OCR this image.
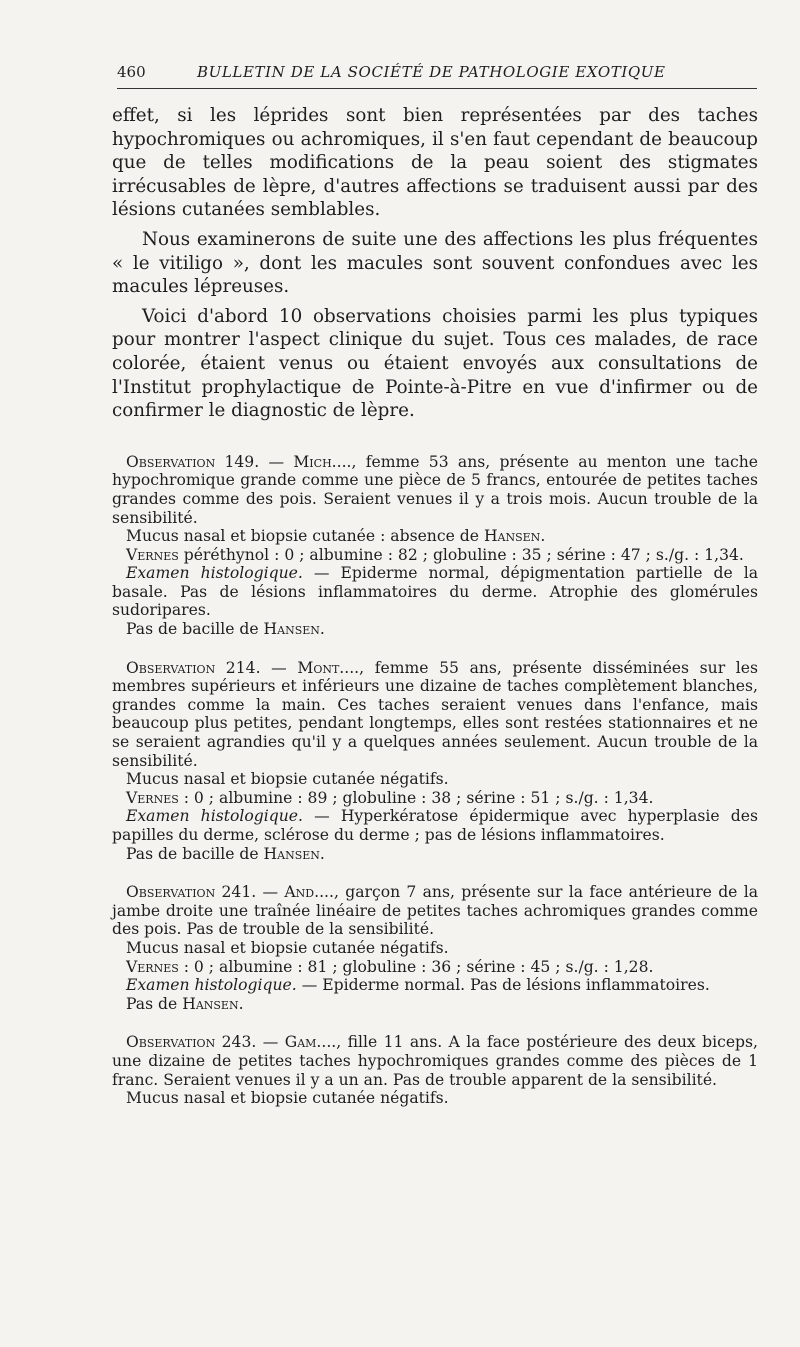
460	BULLETIN DE LA SOCIÉTÉ DE PATHOLOGIE EXOTIQUE

effet, si les léprides sont bien représentées par des taches hypochromiques ou achromiques, il s'en faut cependant de beaucoup que de telles modifications de la peau soient des stigmates irrécusables de lèpre, d'autres affections se traduisent aussi par des lésions cutanées semblables.

Nous examinerons de suite une des affections les plus fréquentes « le vitiligo », dont les macules sont souvent confondues avec les macules lépreuses.

Voici d'abord 10 observations choisies parmi les plus typiques pour montrer l'aspect clinique du sujet. Tous ces malades, de race colorée, étaient venus ou étaient envoyés aux consultations de l'Institut prophylactique de Pointe-à-Pitre en vue d'infirmer ou de confirmer le diagnostic de lèpre.

Observation 149. — Mich...., femme 53 ans, présente au menton une tache hypochromique grande comme une pièce de 5 francs, entourée de petites taches grandes comme des pois. Seraient venues il y a trois mois. Aucun trouble de la sensibilité.

Mucus nasal et biopsie cutanée : absence de Hansen.

Vernes péréthynol : 0 ; albumine : 82 ; globuline : 35 ; sérine : 47 ; s./g. : 1,34.

Examen histologique. — Epiderme normal, dépigmentation partielle de la basale. Pas de lésions inflammatoires du derme. Atrophie des glomérules sudoripares.

Pas de bacille de Hansen.

Observation 214. — Mont...., femme 55 ans, présente disséminées sur les membres supérieurs et inférieurs une dizaine de taches complètement blanches, grandes comme la main. Ces taches seraient venues dans l'enfance, mais beaucoup plus petites, pendant longtemps, elles sont restées stationnaires et ne se seraient agrandies qu'il y a quelques années seulement. Aucun trouble de la sensibilité.

Mucus nasal et biopsie cutanée négatifs.

Vernes : 0 ; albumine : 89 ; globuline : 38 ; sérine : 51 ; s./g. : 1,34.

Examen histologique. — Hyperkératose épidermique avec hyperplasie des papilles du derme, sclérose du derme ; pas de lésions inflammatoires.

Pas de bacille de Hansen.

Observation 241. — And...., garçon 7 ans, présente sur la face antérieure de la jambe droite une traînée linéaire de petites taches achromiques grandes comme des pois. Pas de trouble de la sensibilité.

Mucus nasal et biopsie cutanée négatifs.

Vernes : 0 ; albumine : 81 ; globuline : 36 ; sérine : 45 ; s./g. : 1,28.

Examen histologique. — Epiderme normal. Pas de lésions inflammatoires.

Pas de Hansen.

Observation 243. — Gam...., fille 11 ans. A la face postérieure des deux biceps, une dizaine de petites taches hypochromiques grandes comme des pièces de 1 franc. Seraient venues il y a un an. Pas de trouble apparent de la sensibilité.

Mucus nasal et biopsie cutanée négatifs.
